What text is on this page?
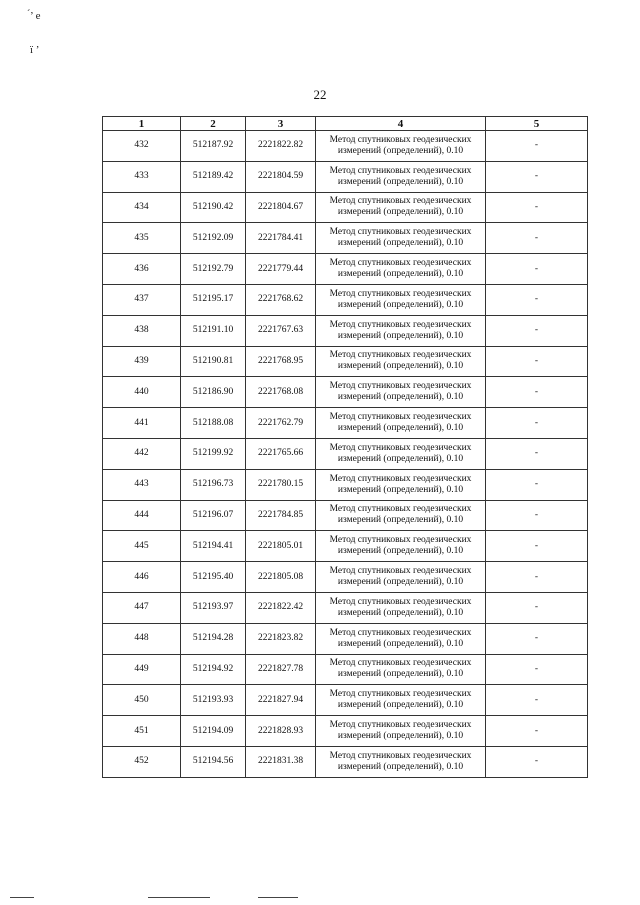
́’ е
ї ’
22
1	2	3	4	5
432	512187.92	2221822.82	Метод спутниковых геодезических измерений (определений), 0.10	-
433	512189.42	2221804.59	Метод спутниковых геодезических измерений (определений), 0.10	-
434	512190.42	2221804.67	Метод спутниковых геодезических измерений (определений), 0.10	-
435	512192.09	2221784.41	Метод спутниковых геодезических измерений (определений), 0.10	-
436	512192.79	2221779.44	Метод спутниковых геодезических измерений (определений), 0.10	-
437	512195.17	2221768.62	Метод спутниковых геодезических измерений (определений), 0.10	-
438	512191.10	2221767.63	Метод спутниковых геодезических измерений (определений), 0.10	-
439	512190.81	2221768.95	Метод спутниковых геодезических измерений (определений), 0.10	-
440	512186.90	2221768.08	Метод спутниковых геодезических измерений (определений), 0.10	-
441	512188.08	2221762.79	Метод спутниковых геодезических измерений (определений), 0.10	-
442	512199.92	2221765.66	Метод спутниковых геодезических измерений (определений), 0.10	-
443	512196.73	2221780.15	Метод спутниковых геодезических измерений (определений), 0.10	-
444	512196.07	2221784.85	Метод спутниковых геодезических измерений (определений), 0.10	-
445	512194.41	2221805.01	Метод спутниковых геодезических измерений (определений), 0.10	-
446	512195.40	2221805.08	Метод спутниковых геодезических измерений (определений), 0.10	-
447	512193.97	2221822.42	Метод спутниковых геодезических измерений (определений), 0.10	-
448	512194.28	2221823.82	Метод спутниковых геодезических измерений (определений), 0.10	-
449	512194.92	2221827.78	Метод спутниковых геодезических измерений (определений), 0.10	-
450	512193.93	2221827.94	Метод спутниковых геодезических измерений (определений), 0.10	-
451	512194.09	2221828.93	Метод спутниковых геодезических измерений (определений), 0.10	-
452	512194.56	2221831.38	Метод спутниковых геодезических измерений (определений), 0.10	-
